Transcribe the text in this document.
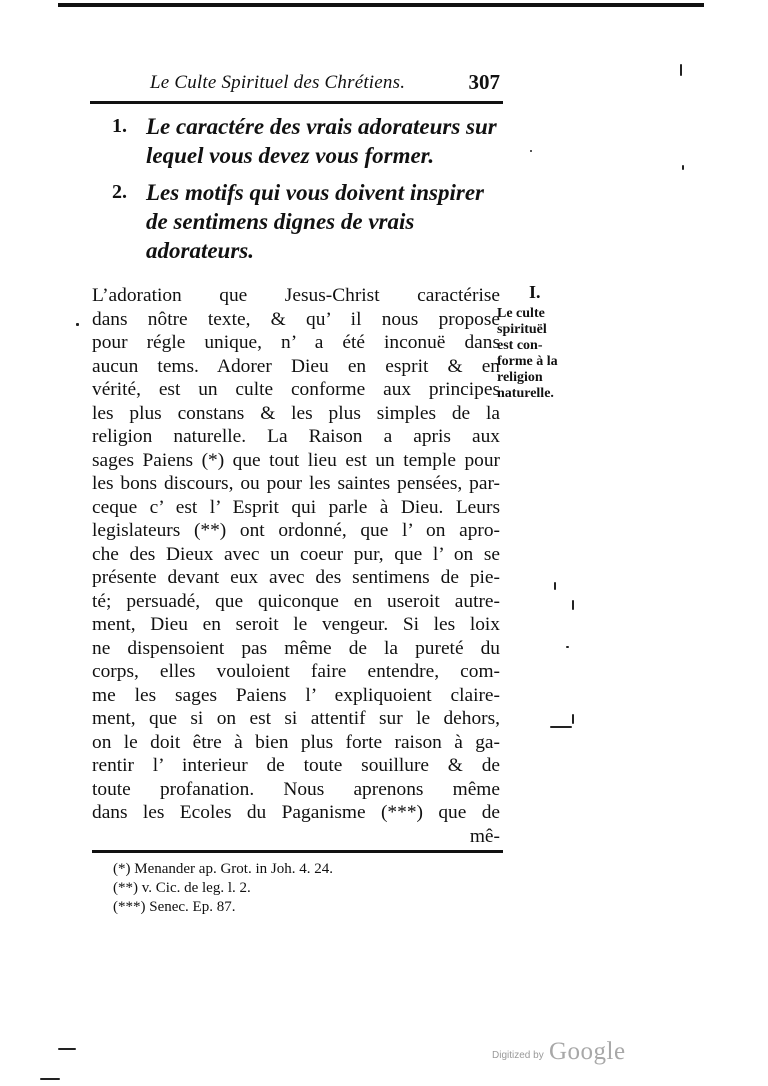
Le Culte Spirituel des Chrétiens.	307
1. Le caractére des vrais adorateurs sur lequel vous devez vous former.
2. Les motifs qui vous doivent inspirer de sentimens dignes de vrais adorateurs.
L’adoration que Jesus-Christ caractérise
dans nôtre texte, & qu’ il nous propose
pour régle unique, n’ a été inconuë dans
aucun tems. Adorer Dieu en esprit & en
vérité, est un culte conforme aux principes
les plus constans & les plus simples de la
religion naturelle. La Raison a apris aux
sages Paiens (*) que tout lieu est un temple pour
les bons discours, ou pour les saintes pensées, par-
ceque c’ est l’ Esprit qui parle à Dieu. Leurs
legislateurs (**) ont ordonné, que l’ on apro-
che des Dieux avec un coeur pur, que l’ on se
présente devant eux avec des sentimens de pie-
té; persuadé, que quiconque en useroit autre-
ment, Dieu en seroit le vengeur. Si les loix
ne dispensoient pas même de la pureté du
corps, elles vouloient faire entendre, com-
me les sages Paiens l’ expliquoient claire-
ment, que si on est si attentif sur le dehors,
on le doit être à bien plus forte raison à ga-
rentir l’ interieur de toute souillure & de
toute profanation. Nous aprenons même
dans les Ecoles du Paganisme (***) que de
mê-
I.
Le culte
spirituël
est con-
forme à la
religion
naturelle.
(*) Menander ap. Grot. in Joh. 4. 24.
(**) v. Cic. de leg. l. 2.
(***) Senec. Ep. 87.
Digitized by Google
